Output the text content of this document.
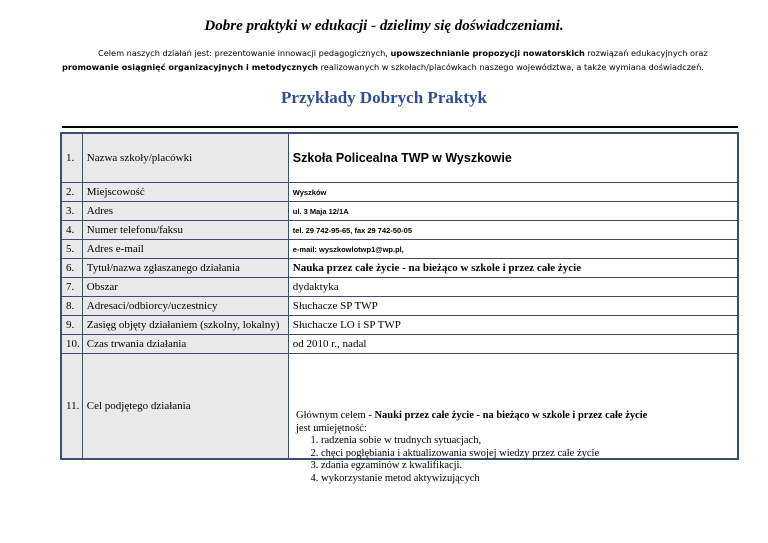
Dobre praktyki w edukacji - dzielimy się doświadczeniami.
Celem naszych działań jest: prezentowanie innowacji pedagogicznych, upowszechnianie propozycji nowatorskich rozwiązań edukacyjnych oraz promowanie osiągnięć organizacyjnych i metodycznych realizowanych w szkołach/placówkach naszego województwa, a także wymiana doświadczeń.
Przykłady Dobrych Praktyk
1.	Nazwa szkoły/placówki	Szkoła Policealna TWP w Wyszkowie
2.	Miejscowość	Wyszków
3.	Adres	ul. 3 Maja 12/1A
4.	Numer telefonu/faksu	tel. 29 742-95-65, fax 29 742-50-05
5.	Adres e-mail	e-mail: wyszkowlotwp1@wp.pl,
6.	Tytuł/nazwa zgłaszanego działania	Nauka przez całe życie - na bieżąco w szkole i przez całe życie
7.	Obszar	dydaktyka
8.	Adresaci/odbiorcy/uczestnicy	Słuchacze SP TWP
9.	Zasięg objęty działaniem (szkolny, lokalny)	Słuchacze LO i SP TWP
10.	Czas trwania działania	od 2010 r., nadal
11.	Cel podjętego działania	
Głównym celem - Nauki przez całe życie - na bieżąco w szkole i przez całe życie
jest umiejętność:
1. radzenia sobie w trudnych sytuacjach,
2. chęci pogłębiania i aktualizowania swojej wiedzy przez całe życie
3. zdania egzaminów z kwalifikacji.
4. wykorzystanie metod aktywizujących
